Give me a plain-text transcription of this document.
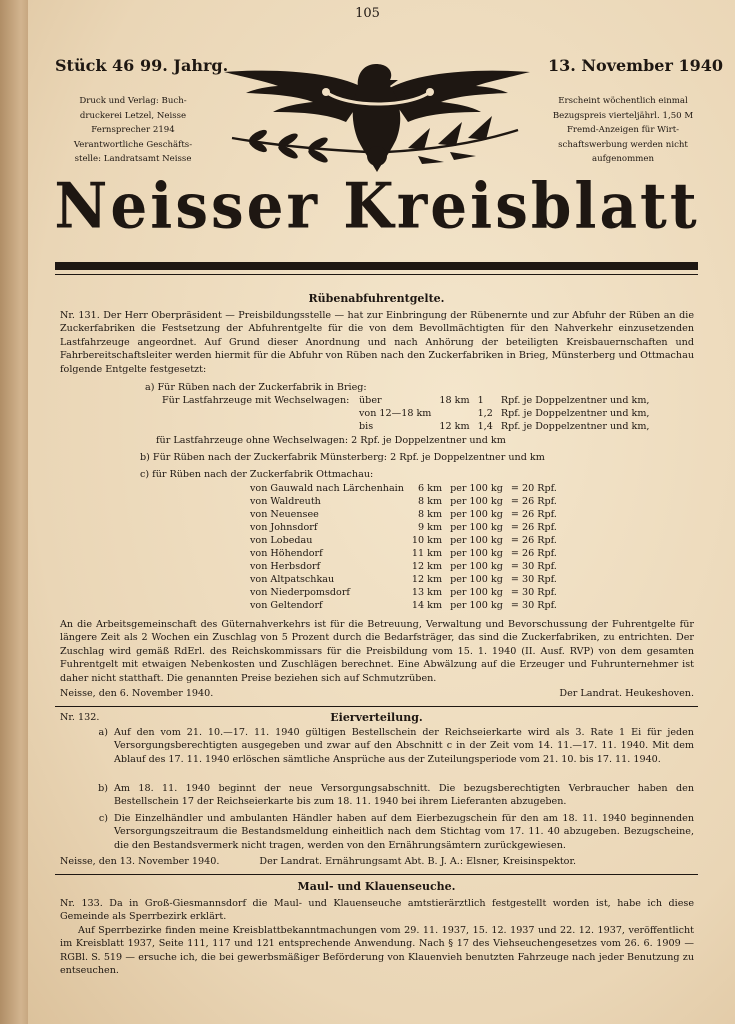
105
Stück 46 99. Jahrg.	13. November 1940
Druck und Verlag: Buch-
druckerei Letzel, Neisse
Fernsprecher 2194
Verantwortliche Geschäfts-
stelle: Landratsamt Neisse
Erscheint wöchentlich einmal
Bezugspreis vierteljährl. 1,50 M
Fremd-Anzeigen für Wirt-
schaftswerbung werden nicht
aufgenommen
Neisser Kreisblatt
Rübenabfuhrentgelte.

Nr. 131. Der Herr Oberpräsident — Preisbildungsstelle — hat zur Einbringung der Rübenernte und zur Abfuhr der Rüben an die Zuckerfabriken die Festsetzung der Abfuhrentgelte für die von dem Bevollmächtigten für den Nahverkehr einzusetzenden Lastfahrzeuge angeordnet. Auf Grund dieser Anordnung und nach Anhörung der beteiligten Kreisbauernschaften und Fahrbereitschaftsleiter werden hiermit für die Abfuhr von Rüben nach den Zuckerfabriken in Brieg, Münsterberg und Ottmachau folgende Entgelte festgesetzt:

a) Für Rüben nach der Zuckerfabrik in Brieg:
Für Lastfahrzeuge mit Wechselwagen: über	18 km	1	Rpf. je Doppelzentner und km,
von 12—18 km		1,2	Rpf. je Doppelzentner und km,
bis	12 km	1,4	Rpf. je Doppelzentner und km,
für Lastfahrzeuge ohne Wechselwagen: 2 Rpf. je Doppelzentner und km
b) Für Rüben nach der Zuckerfabrik Münsterberg: 2 Rpf. je Doppelzentner und km
c) für Rüben nach der Zuckerfabrik Ottmachau:
von Gauwald nach Lärchenhain	6 km	per 100 kg	= 20 Rpf.
von Waldreuth	8 km	per 100 kg	= 26 Rpf.
von Neuensee	8 km	per 100 kg	= 26 Rpf.
von Johnsdorf	9 km	per 100 kg	= 26 Rpf.
von Lobedau	10 km	per 100 kg	= 26 Rpf.
von Höhendorf	11 km	per 100 kg	= 26 Rpf.
von Herbsdorf	12 km	per 100 kg	= 30 Rpf.
von Altpatschkau	12 km	per 100 kg	= 30 Rpf.
von Niederpomsdorf	13 km	per 100 kg	= 30 Rpf.
von Geltendorf	14 km	per 100 kg	= 30 Rpf.

An die Arbeitsgemeinschaft des Güternahverkehrs ist für die Betreuung, Verwaltung und Bevorschussung der Fuhrentgelte für längere Zeit als 2 Wochen ein Zuschlag von 5 Prozent durch die Bedarfsträger, das sind die Zuckerfabriken, zu entrichten. Der Zuschlag wird gemäß RdErl. des Reichskommissars für die Preisbildung vom 15. 1. 1940 (II. Ausf. RVP) von dem gesamten Fuhrentgelt mit etwaigen Nebenkosten und Zuschlägen berechnet. Eine Abwälzung auf die Erzeuger und Fuhrunternehmer ist daher nicht statthaft. Die genannten Preise beziehen sich auf Schmutzrüben.

Neisse, den 6. November 1940.	Der Landrat. Heukeshoven.
Nr. 132.	Eierverteilung.
a) Auf den vom 21. 10.—17. 11. 1940 gültigen Bestellschein der Reichseierkarte wird als 3. Rate 1 Ei für jeden Versorgungsberechtigten ausgegeben und zwar auf den Abschnitt c in der Zeit vom 14. 11.—17. 11. 1940. Mit dem Ablauf des 17. 11. 1940 erlöschen sämtliche Ansprüche aus der Zuteilungsperiode vom 21. 10. bis 17. 11. 1940.
b) Am 18. 11. 1940 beginnt der neue Versorgungsabschnitt. Die bezugsberechtigten Verbraucher haben den Bestellschein 17 der Reichseierkarte bis zum 18. 11. 1940 bei ihrem Lieferanten abzugeben.
c) Die Einzelhändler und ambulanten Händler haben auf dem Eierbezugschein für den am 18. 11. 1940 beginnenden Versorgungszeitraum die Bestandsmeldung einheitlich nach dem Stichtag vom 17. 11. 40 abzugeben. Bezugscheine, die den Bestandsvermerk nicht tragen, werden von den Ernährungsämtern zurückgewiesen.
Neisse, den 13. November 1940.	Der Landrat. Ernährungsamt Abt. B. J. A.: Elsner, Kreisinspektor.
Maul- und Klauenseuche.

Nr. 133. Da in Groß-Giesmannsdorf die Maul- und Klauenseuche amtstierärztlich festgestellt worden ist, habe ich diese Gemeinde als Sperrbezirk erklärt.

Auf Sperrbezirke finden meine Kreisblattbekanntmachungen vom 29. 11. 1937, 15. 12. 1937 und 22. 12. 1937, veröffentlicht im Kreisblatt 1937, Seite 111, 117 und 121 entsprechende Anwendung. Nach § 17 des Viehseuchengesetzes vom 26. 6. 1909 — RGBl. S. 519 — ersuche ich, die bei gewerbsmäßiger Beförderung von Klauenvieh benutzten Fahrzeuge nach jeder Benutzung zu entseuchen.
